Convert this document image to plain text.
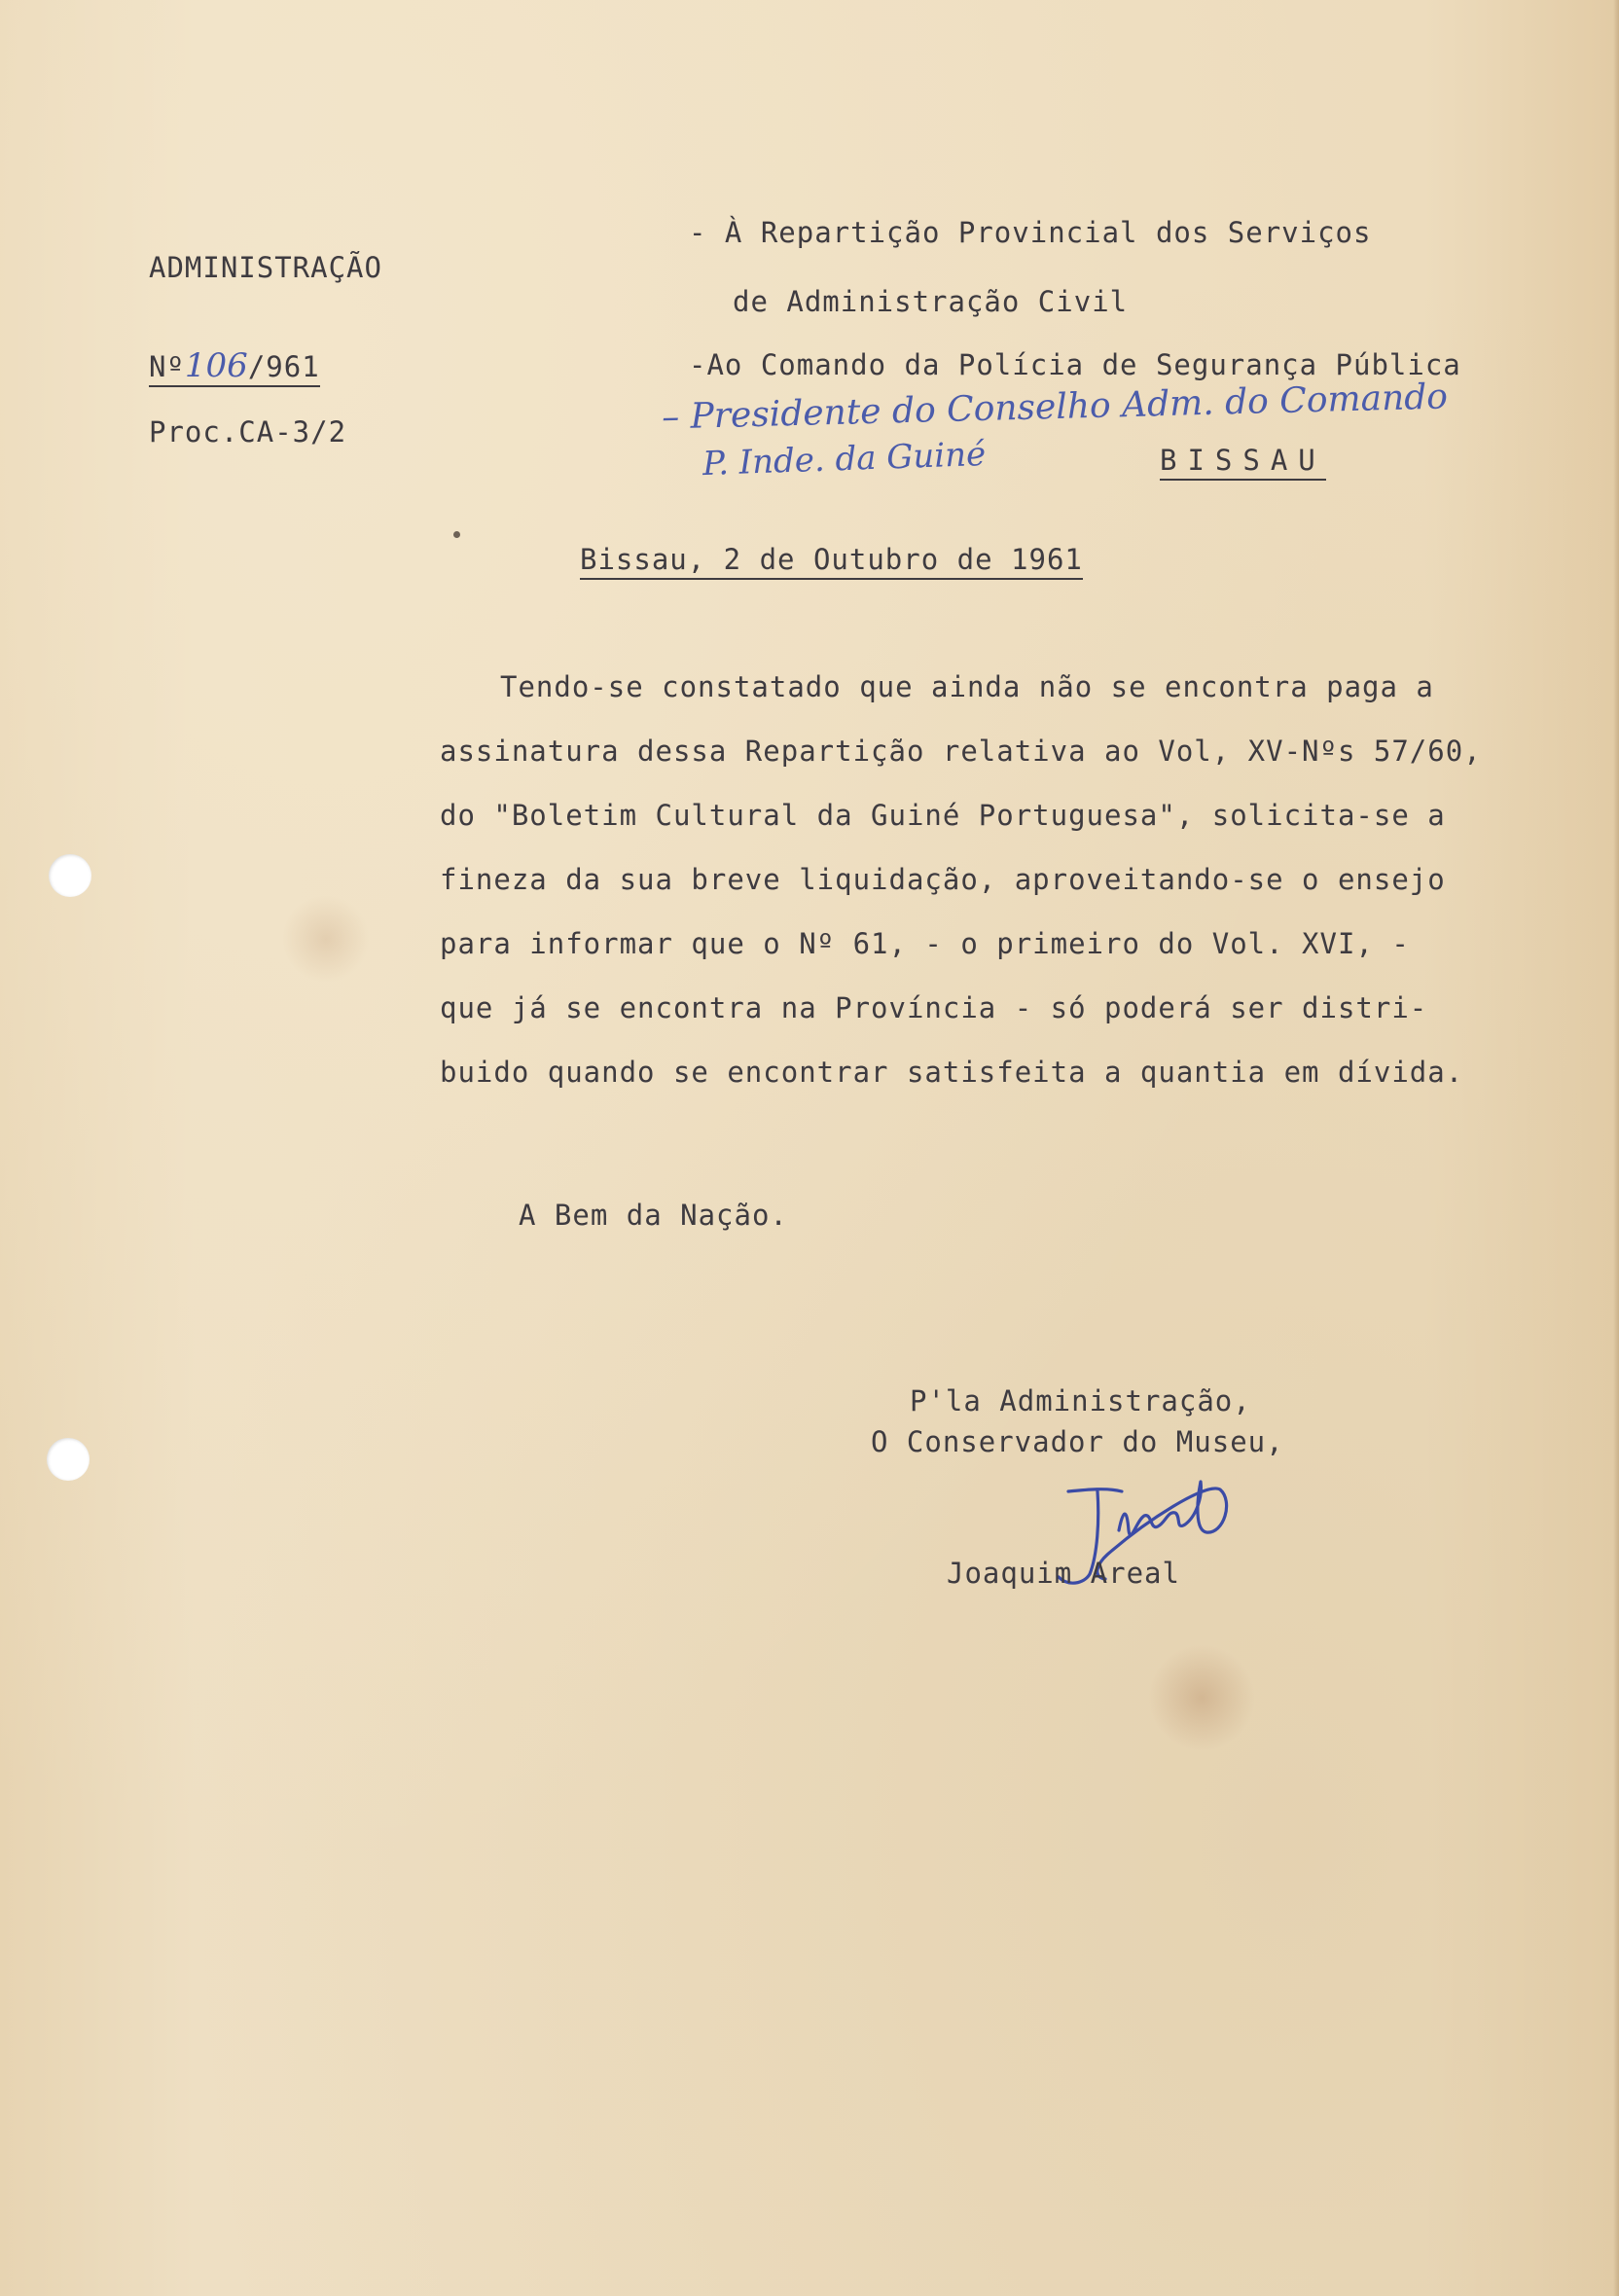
ADMINISTRAÇÃO
Nº106/961
Proc.CA-3/2
- À Repartição Provincial dos Serviços
de Administração Civil
-Ao Comando da Polícia de Segurança Pública
– Presidente do Conselho Adm. do Comando
P. Inde. da Guiné	BISSAU
Bissau, 2 de Outubro de 1961
Tendo-se constatado que ainda não se encontra paga a
assinatura dessa Repartição relativa ao Vol, XV-Nºs 57/60,
do "Boletim Cultural da Guiné Portuguesa", solicita-se a
fineza da sua breve liquidação, aproveitando-se o ensejo
para informar que o Nº 61, - o primeiro do Vol. XVI, -
que já se encontra na Província - só poderá ser distri-
buido quando se encontrar satisfeita a quantia em dívida.
A Bem da Nação.
P'la Administração,
O Conservador do Museu,
Joaquim Areal
